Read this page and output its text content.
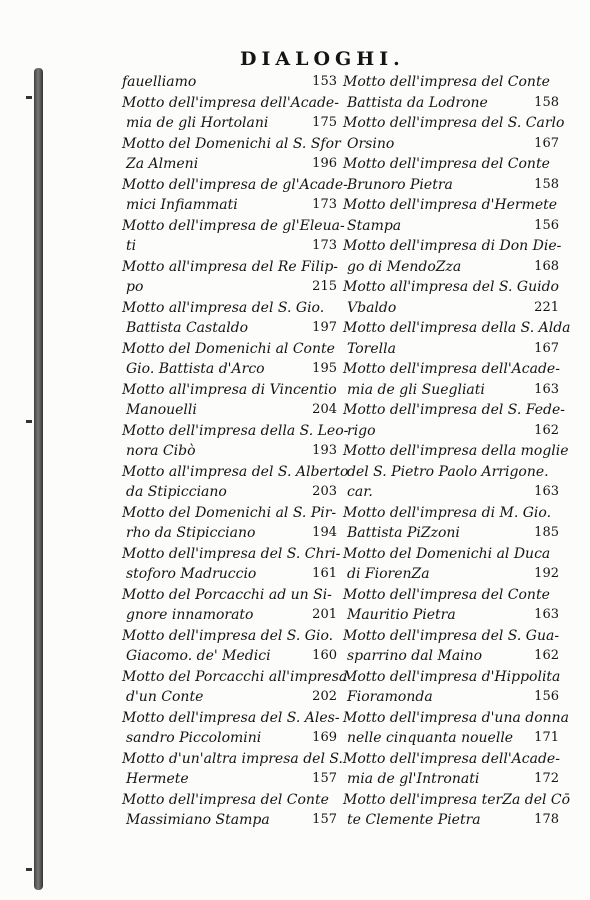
DIALOGHI.
fauelliamo	153
Motto dell'impresa dell'Acade-
mia de gli Hortolani	175
Motto del Domenichi al S. Sfor
Za Almeni	196
Motto dell'impresa de gl'Acade-
mici Infiammati	173
Motto dell'impresa de gl'Eleua-
ti	173
Motto all'impresa del Re Filip-
po	215
Motto all'impresa del S. Gio.
Battista Castaldo	197
Motto del Domenichi al Conte
Gio. Battista d'Arco	195
Motto all'impresa di Vincentio
Manouelli	204
Motto dell'impresa della S. Leo-
nora Cibò	193
Motto all'impresa del S. Alberto
da Stipicciano	203
Motto del Domenichi al S. Pir-
rho da Stipicciano	194
Motto dell'impresa del S. Chri-
stoforo Madruccio	161
Motto del Porcacchi ad un Si-
gnore innamorato	201
Motto dell'impresa del S. Gio.
Giacomo. de' Medici	160
Motto del Porcacchi all'impresa
d'un Conte	202
Motto dell'impresa del S. Ales-
sandro Piccolomini	169
Motto d'un'altra impresa del S.
Hermete	157
Motto dell'impresa del Conte
Massimiano Stampa	157
Motto dell'impresa del Conte
Battista da Lodrone	158
Motto dell'impresa del S. Carlo
Orsino	167
Motto dell'impresa del Conte
Brunoro Pietra	158
Motto dell'impresa d'Hermete
Stampa	156
Motto dell'impresa di Don Die-
go di MendoZza	168
Motto all'impresa del S. Guido
Vbaldo	221
Motto dell'impresa della S. Alda
Torella	167
Motto dell'impresa dell'Acade-
mia de gli Suegliati	163
Motto dell'impresa del S. Fede-
rigo	162
Motto dell'impresa della moglie
del S. Pietro Paolo Arrigone.
car.	163
Motto dell'impresa di M. Gio.
Battista PiZzoni	185
Motto del Domenichi al Duca
di FiorenZa	192
Motto dell'impresa del Conte
Mauritio Pietra	163
Motto dell'impresa del S. Gua-
sparrino dal Maino	162
Motto dell'impresa d'Hippolita
Fioramonda	156
Motto dell'impresa d'una donna
nelle cinquanta nouelle 171
Motto dell'impresa dell'Acade-
mia de gl'Intronati	172
Motto dell'impresa terZa del Cō
te Clemente Pietra	178
